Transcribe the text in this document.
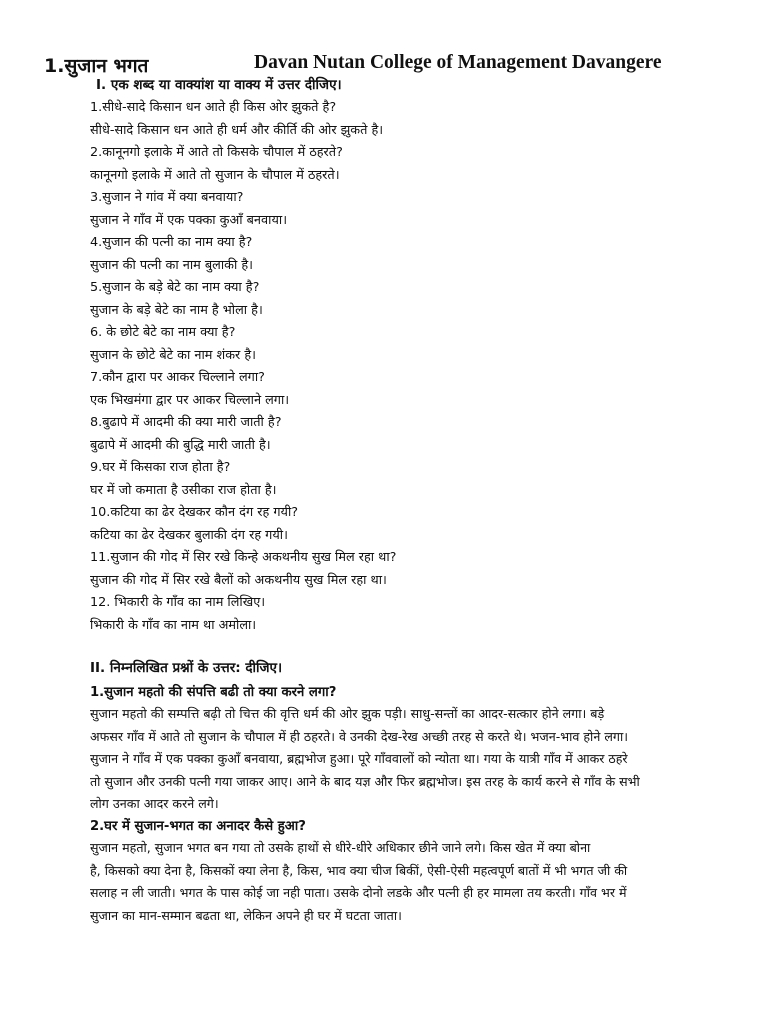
1.सुजान भगत	Davan Nutan College of Management Davangere
I. एक शब्द या वाक्यांश या वाक्य में उत्तर दीजिए।
1.सीधे-सादे किसान धन आते ही किस ओर झुकते है?
सीधे-सादे किसान धन आते ही धर्म और कीर्ति की ओर झुकते है।
2.कानूनगो इलाके में आते तो किसके चौपाल में ठहरते?
कानूनगो इलाके में आते तो सुजान के चौपाल में ठहरते।
3.सुजान ने गांव में क्या बनवाया?
सुजान ने गाँव में एक पक्का कुआँ बनवाया।
4.सुजान की पत्नी का नाम क्या है?
सुजान की पत्नी का नाम बुलाकी है।
5.सुजान के बड़े बेटे का नाम क्या है?
सुजान के बड़े बेटे का नाम है भोला है।
6. के छोटे बेटे का नाम क्या है?
सुजान के छोटे बेटे का नाम शंकर है।
7.कौन द्वारा पर आकर चिल्लाने लगा?
एक भिखमंगा द्वार पर आकर चिल्लाने लगा।
8.बुढापे में आदमी की क्या मारी जाती है?
बुढापे में आदमी की बुद्धि मारी जाती है।
9.घर में किसका राज होता है?
घर में जो कमाता है उसीका राज होता है।
10.कटिया का ढेर देखकर कौन दंग रह गयी?
कटिया का ढेर देखकर बुलाकी दंग रह गयी।
11.सुजान की गोद में सिर रखे किन्हे अकथनीय सुख मिल रहा था?
सुजान की गोद में सिर रखे बैलों को अकथनीय सुख मिल रहा था।
12. भिकारी के गाँव का नाम लिखिए।
भिकारी के गाँव का नाम था अमोला।
II. निम्नलिखित प्रश्नों के उत्तर: दीजिए।
1.सुजान महतो की संपत्ति बढी तो क्या करने लगा?
सुजान महतो की सम्पत्ति बढ़ी तो चित्त की वृत्ति धर्म की ओर झुक पड़ी। साधु-सन्तों का आदर-सत्कार होने लगा। बड़े
अफसर गाँव में आते तो सुजान के चौपाल में ही ठहरते। वे उनकी देख-रेख अच्छी तरह से करते थे। भजन-भाव होने लगा।
सुजान ने गाँव में एक पक्का कुआँ बनवाया, ब्रह्मभोज हुआ। पूरे गाँववालों को न्योता था। गया के यात्री गाँव में आकर ठहरे
तो सुजान और उनकी पत्नी गया जाकर आए। आने के बाद यज्ञ और फिर ब्रह्मभोज। इस तरह के कार्य करने से गाँव के सभी
लोग उनका आदर करने लगे।
2.घर में सुजान-भगत का अनादर कैसे हुआ?
सुजान महतो, सुजान भगत बन गया तो उसके हाथों से धीरे-धीरे अधिकार छीने जाने लगे। किस खेत में क्या बोना
है, किसको क्या देना है, किसकों क्या लेना है, किस, भाव क्या चीज बिकीं, ऐसी-ऐसी महत्वपूर्ण बातों में भी भगत जी की
सलाह न ली जाती। भगत के पास कोई जा नही पाता। उसके दोनो लडके और पत्नी ही हर मामला तय करती। गाँव भर में
सुजान का मान-सम्मान बढता था, लेकिन अपने ही घर में घटता जाता।
